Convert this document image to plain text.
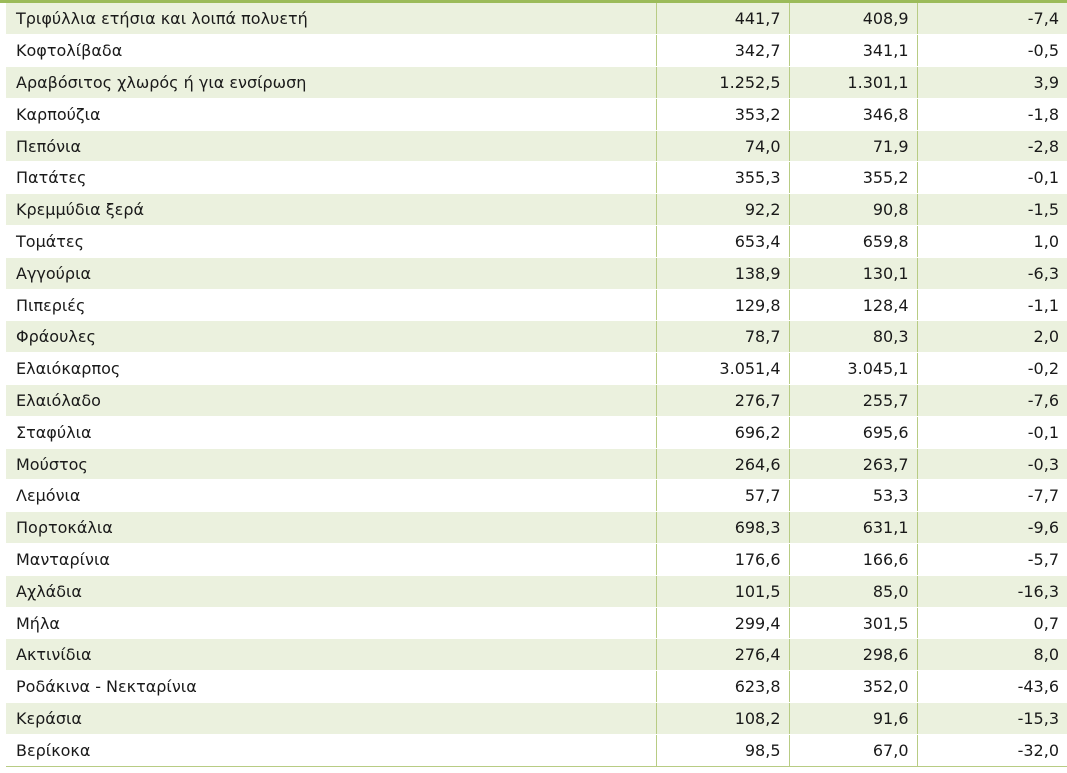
Τριφύλλια ετήσια και λοιπά πολυετή	441,7	408,9	-7,4
Κοφτολίβαδα	342,7	341,1	-0,5
Αραβόσιτος χλωρός ή για ενσίρωση	1.252,5	1.301,1	3,9
Καρπούζια	353,2	346,8	-1,8
Πεπόνια	74,0	71,9	-2,8
Πατάτες	355,3	355,2	-0,1
Κρεμμύδια ξερά	92,2	90,8	-1,5
Τομάτες	653,4	659,8	1,0
Αγγούρια	138,9	130,1	-6,3
Πιπεριές	129,8	128,4	-1,1
Φράουλες	78,7	80,3	2,0
Ελαιόκαρπος	3.051,4	3.045,1	-0,2
Ελαιόλαδο	276,7	255,7	-7,6
Σταφύλια	696,2	695,6	-0,1
Μούστος	264,6	263,7	-0,3
Λεμόνια	57,7	53,3	-7,7
Πορτοκάλια	698,3	631,1	-9,6
Μανταρίνια	176,6	166,6	-5,7
Αχλάδια	101,5	85,0	-16,3
Μήλα	299,4	301,5	0,7
Ακτινίδια	276,4	298,6	8,0
Ροδάκινα - Νεκταρίνια	623,8	352,0	-43,6
Κεράσια	108,2	91,6	-15,3
Βερίκοκα	98,5	67,0	-32,0
